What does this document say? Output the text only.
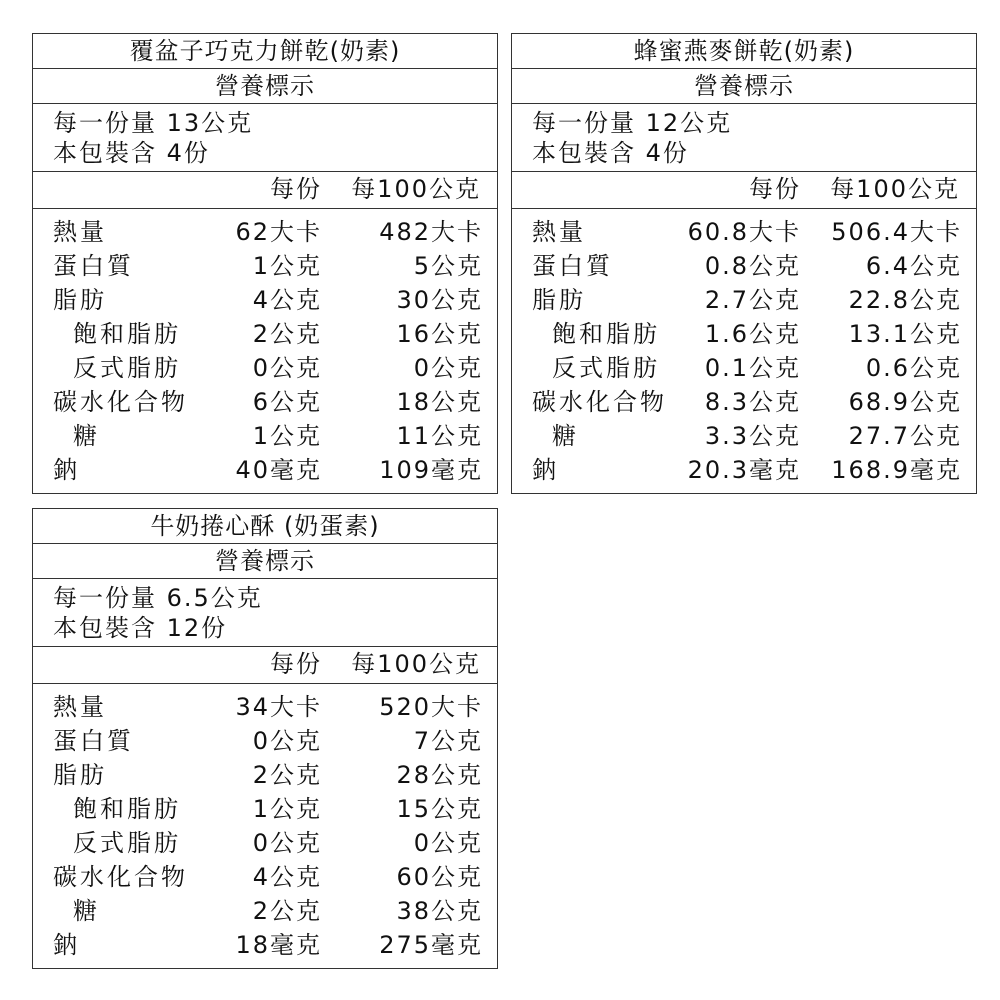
覆盆子巧克力餅乾(奶素)
營養標示
每一份量 13公克
本包裝含 4份
每份 每100公克
熱量	62大卡 482大卡
蛋白質	1公克	5公克
脂肪	4公克	30公克
飽和脂肪	2公克	16公克
反式脂肪	0公克	0公克
碳水化合物	6公克	18公克
糖	1公克	11公克
鈉	40毫克 109毫克
蜂蜜燕麥餅乾(奶素)
營養標示
每一份量 12公克
本包裝含 4份
每份 每100公克
熱量	60.8大卡 506.4大卡
蛋白質	0.8公克	6.4公克
脂肪	2.7公克 22.8公克
飽和脂肪 1.6公克 13.1公克
反式脂肪 0.1公克	0.6公克
碳水化合物 8.3公克 68.9公克
糖	3.3公克 27.7公克
鈉	20.3毫克 168.9毫克
牛奶捲心酥 (奶蛋素)
營養標示
每一份量 6.5公克
本包裝含 12份
每份 每100公克
熱量	34大卡 520大卡
蛋白質	0公克	7公克
脂肪	2公克	28公克
飽和脂肪	1公克	15公克
反式脂肪	0公克	0公克
碳水化合物	4公克	60公克
糖	2公克	38公克
鈉	18毫克 275毫克
